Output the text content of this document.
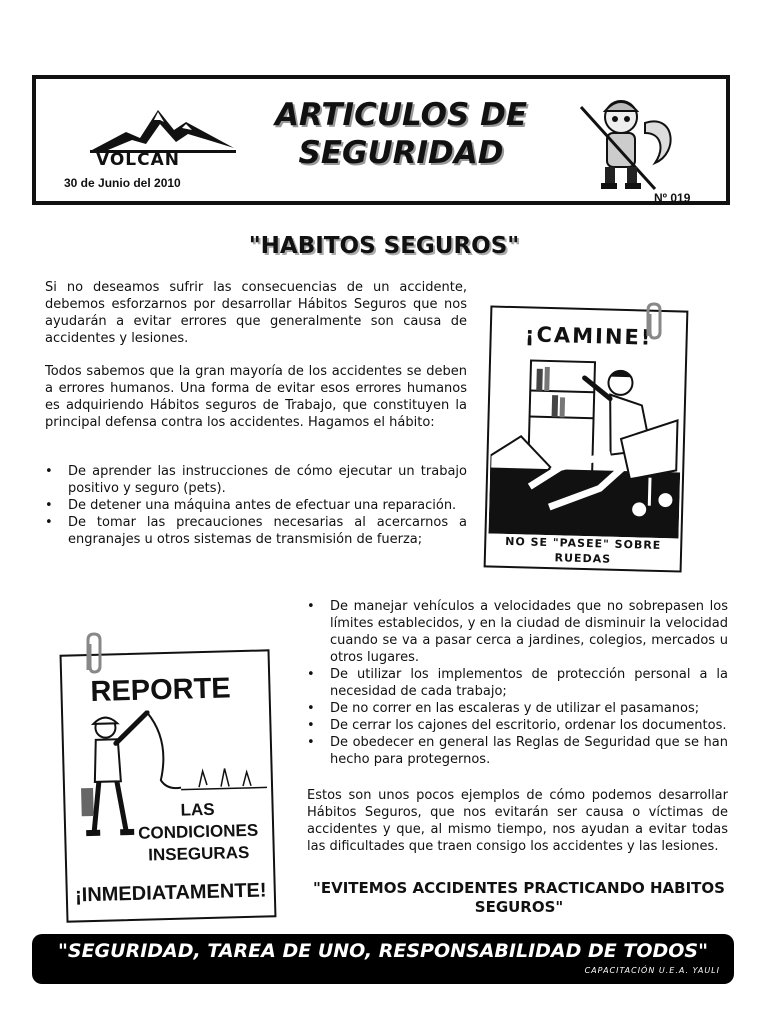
VOLCAN
30 de Junio del 2010
ARTICULOS DE
SEGURIDAD
Nº 019
"HABITOS SEGUROS"
Si no deseamos sufrir las consecuencias de un accidente, debemos esforzarnos por desarrollar Hábitos Seguros que nos ayudarán a evitar errores que generalmente son causa de accidentes y lesiones.
Todos sabemos que la gran mayoría de los accidentes se deben a errores humanos. Una forma de evitar esos errores humanos es adquiriendo Hábitos seguros de Trabajo, que constituyen la principal defensa contra los accidentes. Hagamos el hábito:
• De aprender las instrucciones de cómo ejecutar un trabajo positivo y seguro (pets).
• De detener una máquina antes de efectuar una reparación.
• De tomar las precauciones necesarias al acercarnos a engranajes u otros sistemas de transmisión de fuerza;
• De manejar vehículos a velocidades que no sobrepasen los límites establecidos, y en la ciudad de disminuir la velocidad cuando se va a pasar cerca a jardines, colegios, mercados u otros lugares.
• De utilizar los implementos de protección personal a la necesidad de cada trabajo;
• De no correr en las escaleras y de utilizar el pasamanos;
• De cerrar los cajones del escritorio, ordenar los documentos.
• De obedecer en general las Reglas de Seguridad que se han hecho para protegernos.
Estos son unos pocos ejemplos de cómo podemos desarrollar Hábitos Seguros, que nos evitarán ser causa o víctimas de accidentes y que, al mismo tiempo, nos ayudan a evitar todas las dificultades que traen consigo los accidentes y las lesiones.
"EVITEMOS ACCIDENTES PRACTICANDO HABITOS SEGUROS"
¡CAMINE!
NO SE "PASEE" SOBRE RUEDAS
REPORTE
LAS
CONDICIONES
INSEGURAS
¡INMEDIATAMENTE!
"SEGURIDAD, TAREA DE UNO, RESPONSABILIDAD DE TODOS"
CAPACITACIÓN U.E.A. YAULI
